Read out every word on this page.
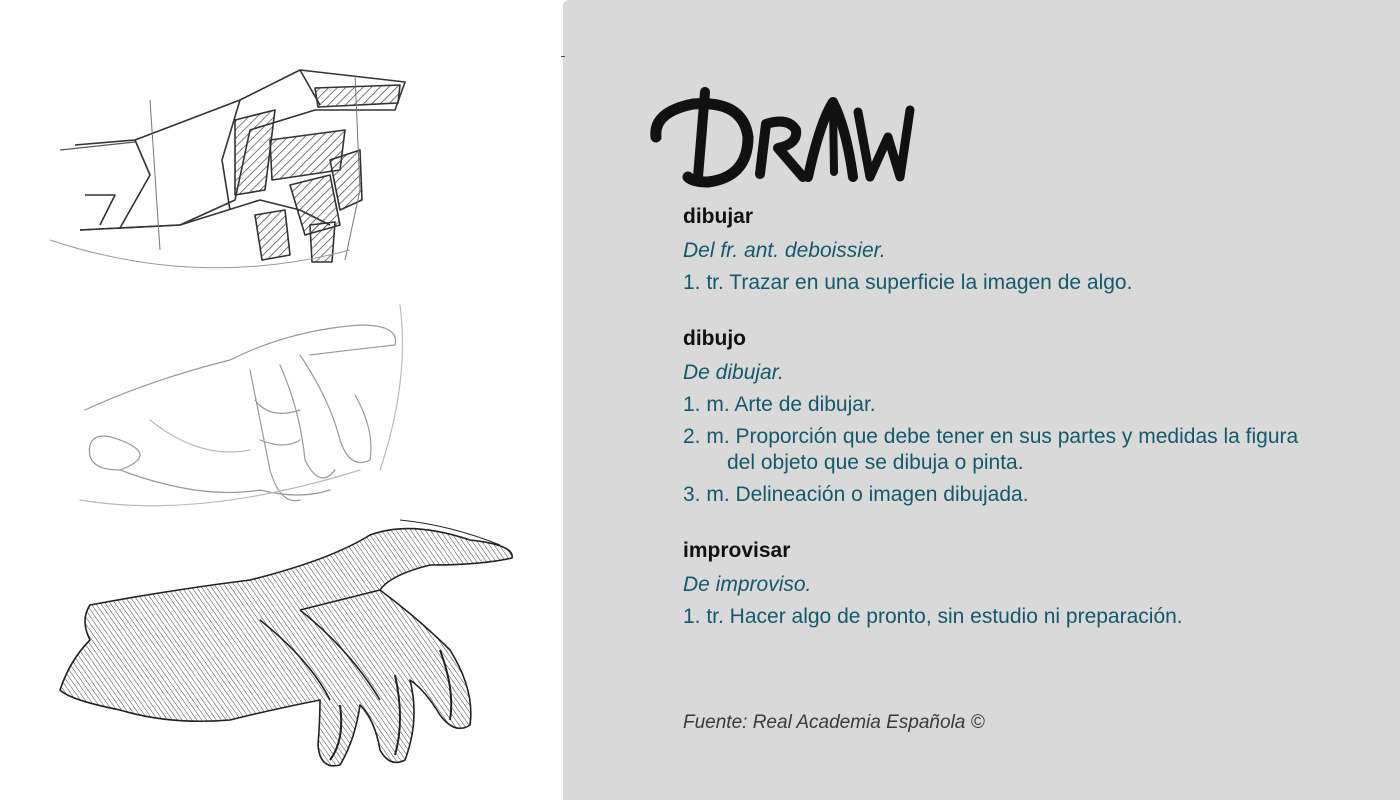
dibujar
Del fr. ant. deboissier.
1. tr. Trazar en una superficie la imagen de algo.
dibujo
De dibujar.
1. m. Arte de dibujar.
2. m. Proporción que debe tener en sus partes y medidas la figura del objeto que se dibuja o pinta.
3. m. Delineación o imagen dibujada.
improvisar
De improviso.
1. tr. Hacer algo de pronto, sin estudio ni preparación.
Fuente: Real Academia Española ©
